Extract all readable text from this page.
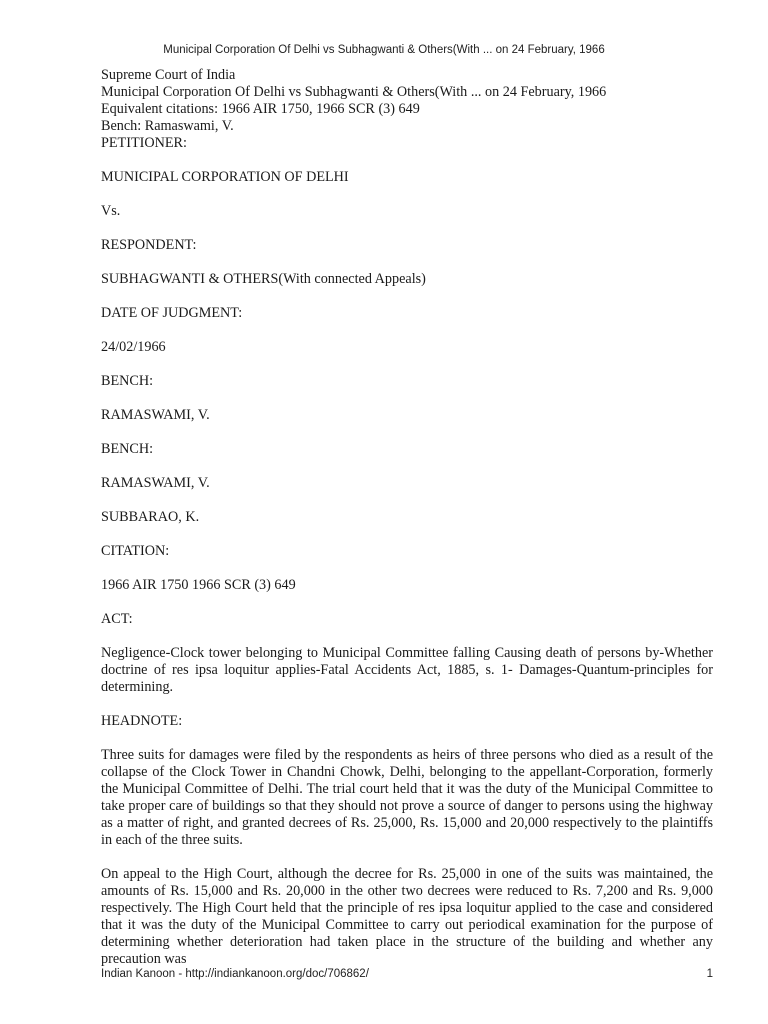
Municipal Corporation Of Delhi vs Subhagwanti & Others(With ... on 24 February, 1966
Supreme Court of India
Municipal Corporation Of Delhi vs Subhagwanti & Others(With ... on 24 February, 1966
Equivalent citations: 1966 AIR 1750, 1966 SCR (3) 649
Bench: Ramaswami, V.
PETITIONER:
MUNICIPAL CORPORATION OF DELHI
Vs.
RESPONDENT:
SUBHAGWANTI & OTHERS(With connected Appeals)
DATE OF JUDGMENT:
24/02/1966
BENCH:
RAMASWAMI, V.
BENCH:
RAMASWAMI, V.
SUBBARAO, K.
CITATION:
1966 AIR 1750 1966 SCR (3) 649
ACT:
Negligence-Clock tower belonging to Municipal Committee falling Causing death of persons by-Whether doctrine of res ipsa loquitur applies-Fatal Accidents Act, 1885, s. 1- Damages-Quantum-principles for determining.
HEADNOTE:
Three suits for damages were filed by the respondents as heirs of three persons who died as a result of the collapse of the Clock Tower in Chandni Chowk, Delhi, belonging to the appellant-Corporation, formerly the Municipal Committee of Delhi. The trial court held that it was the duty of the Municipal Committee to take proper care of buildings so that they should not prove a source of danger to persons using the highway as a matter of right, and granted decrees of Rs. 25,000, Rs. 15,000 and 20,000 respectively to the plaintiffs in each of the three suits.
On appeal to the High Court, although the decree for Rs. 25,000 in one of the suits was maintained, the amounts of Rs. 15,000 and Rs. 20,000 in the other two decrees were reduced to Rs. 7,200 and Rs. 9,000 respectively. The High Court held that the principle of res ipsa loquitur applied to the case and considered that it was the duty of the Municipal Committee to carry out periodical examination for the purpose of determining whether deterioration had taken place in the structure of the building and whether any precaution was
Indian Kanoon - http://indiankanoon.org/doc/706862/	1
